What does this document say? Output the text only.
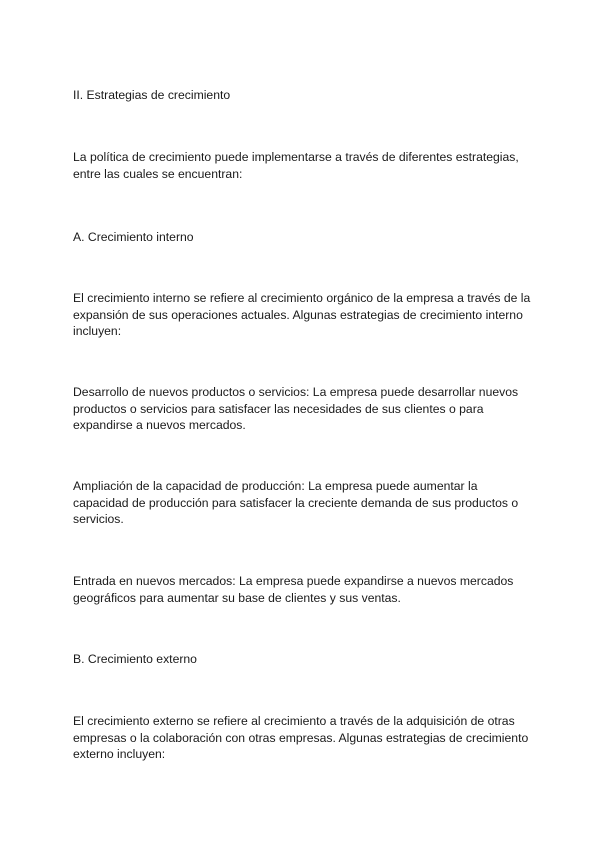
II. Estrategias de crecimiento

La política de crecimiento puede implementarse a través de diferentes estrategias,
entre las cuales se encuentran:

A. Crecimiento interno

El crecimiento interno se refiere al crecimiento orgánico de la empresa a través de la
expansión de sus operaciones actuales. Algunas estrategias de crecimiento interno
incluyen:

Desarrollo de nuevos productos o servicios: La empresa puede desarrollar nuevos
productos o servicios para satisfacer las necesidades de sus clientes o para
expandirse a nuevos mercados.

Ampliación de la capacidad de producción: La empresa puede aumentar la
capacidad de producción para satisfacer la creciente demanda de sus productos o
servicios.

Entrada en nuevos mercados: La empresa puede expandirse a nuevos mercados
geográficos para aumentar su base de clientes y sus ventas.

B. Crecimiento externo

El crecimiento externo se refiere al crecimiento a través de la adquisición de otras
empresas o la colaboración con otras empresas. Algunas estrategias de crecimiento
externo incluyen:
